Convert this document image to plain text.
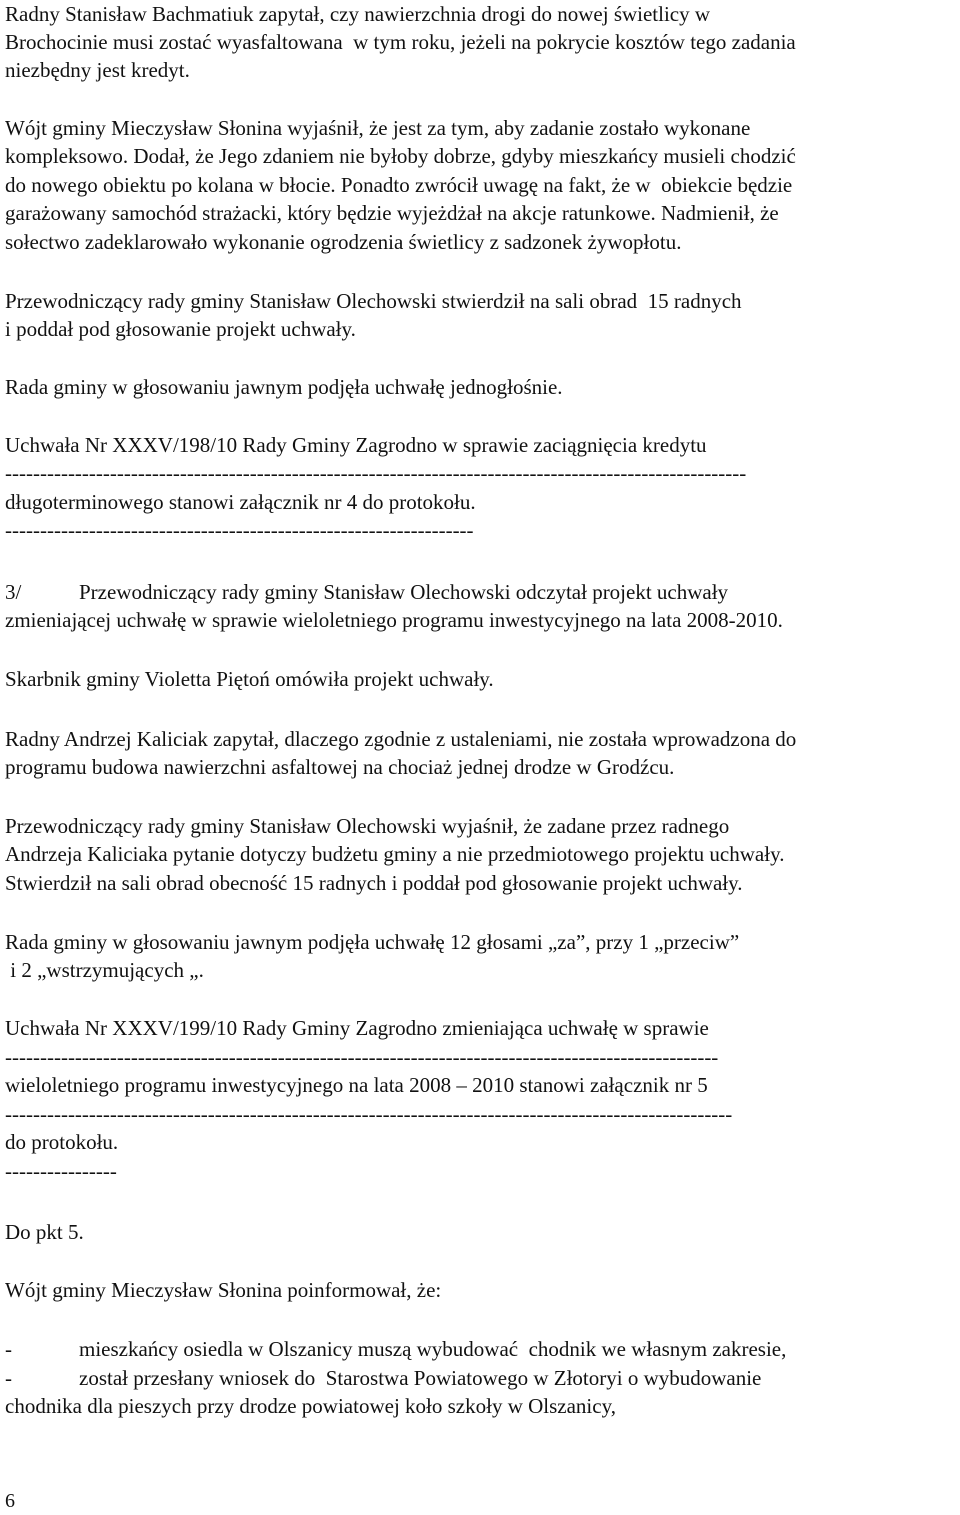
Radny Stanisław Bachmatiuk zapytał, czy nawierzchnia drogi do nowej świetlicy w
Brochocinie musi zostać wyasfaltowana  w tym roku, jeżeli na pokrycie kosztów tego zadania
niezbędny jest kredyt.
Wójt gminy Mieczysław Słonina wyjaśnił, że jest za tym, aby zadanie zostało wykonane
kompleksowo. Dodał, że Jego zdaniem nie byłoby dobrze, gdyby mieszkańcy musieli chodzić
do nowego obiektu po kolana w błocie. Ponadto zwrócił uwagę na fakt, że w  obiekcie będzie
garażowany samochód strażacki, który będzie wyjeżdżał na akcje ratunkowe. Nadmienił, że
sołectwo zadeklarowało wykonanie ogrodzenia świetlicy z sadzonek żywopłotu.
Przewodniczący rady gminy Stanisław Olechowski stwierdził na sali obrad  15 radnych
i poddał pod głosowanie projekt uchwały.
Rada gminy w głosowaniu jawnym podjęła uchwałę jednogłośnie.
Uchwała Nr XXXV/198/10 Rady Gminy Zagrodno w sprawie zaciągnięcia kredytu
----------------------------------------------------------------------------------------------------------
długoterminowego stanowi załącznik nr 4 do protokołu.
-------------------------------------------------------------------
3/	Przewodniczący rady gminy Stanisław Olechowski odczytał projekt uchwały
zmieniającej uchwałę w sprawie wieloletniego programu inwestycyjnego na lata 2008-2010.
Skarbnik gminy Violetta Piętoń omówiła projekt uchwały.
Radny Andrzej Kaliciak zapytał, dlaczego zgodnie z ustaleniami, nie została wprowadzona do
programu budowa nawierzchni asfaltowej na chociaż jednej drodze w Grodźcu.
Przewodniczący rady gminy Stanisław Olechowski wyjaśnił, że zadane przez radnego
Andrzeja Kaliciaka pytanie dotyczy budżetu gminy a nie przedmiotowego projektu uchwały.
Stwierdził na sali obrad obecność 15 radnych i poddał pod głosowanie projekt uchwały.
Rada gminy w głosowaniu jawnym podjęła uchwałę 12 głosami „za”, przy 1 „przeciw”
i 2 „wstrzymujących „.
Uchwała Nr XXXV/199/10 Rady Gminy Zagrodno zmieniająca uchwałę w sprawie
------------------------------------------------------------------------------------------------------
wieloletniego programu inwestycyjnego na lata 2008 – 2010 stanowi załącznik nr 5
--------------------------------------------------------------------------------------------------------
do protokołu.
----------------
Do pkt 5.
Wójt gminy Mieczysław Słonina poinformował, że:
-	mieszkańcy osiedla w Olszanicy muszą wybudować  chodnik we własnym zakresie,
-	został przesłany wniosek do  Starostwa Powiatowego w Złotoryi o wybudowanie
chodnika dla pieszych przy drodze powiatowej koło szkoły w Olszanicy,
6
